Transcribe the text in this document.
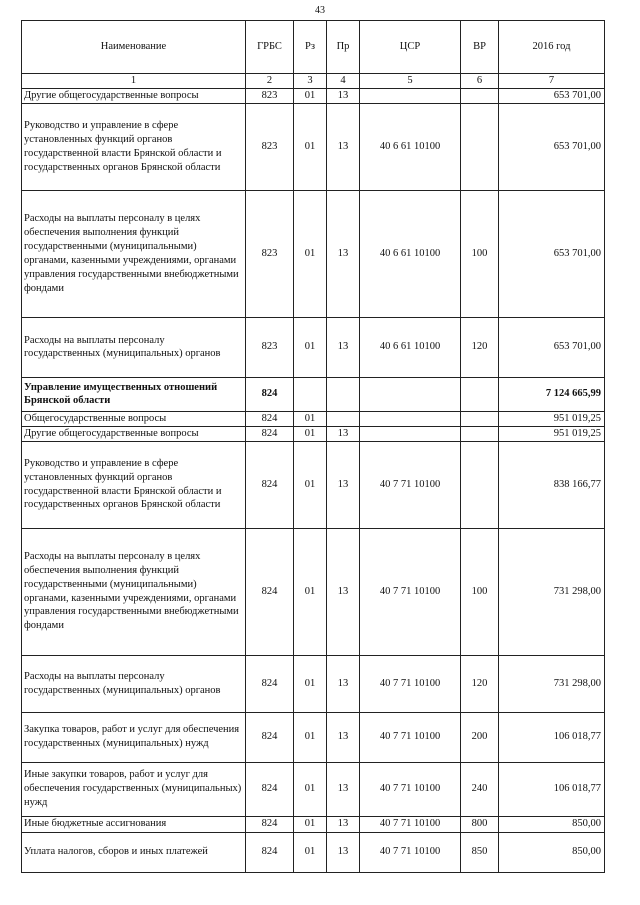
43
Наименование	ГРБС	Рз	Пр	ЦСР	ВР	2016 год
1	2	3	4	5	6	7
Другие общегосударственные вопросы	823	01	13			653 701,00
Руководство и управление в сфере установленных функций органов государственной власти Брянской области и государственных органов Брянской области	823	01	13	40 6 61 10100		653 701,00
Расходы на выплаты персоналу в целях обеспечения выполнения функций государственными (муниципальными) органами, казенными учреждениями, органами управления государственными внебюджетными фондами	823	01	13	40 6 61 10100	100	653 701,00
Расходы на выплаты персоналу государственных (муниципальных) органов	823	01	13	40 6 61 10100	120	653 701,00
Управление имущественных отношений Брянской области	824					7 124 665,99
Общегосударственные вопросы	824	01				951 019,25
Другие общегосударственные вопросы	824	01	13			951 019,25
Руководство и управление в сфере установленных функций органов государственной власти Брянской области и государственных органов Брянской области	824	01	13	40 7 71 10100		838 166,77
Расходы на выплаты персоналу в целях обеспечения выполнения функций государственными (муниципальными) органами, казенными учреждениями, органами управления государственными внебюджетными фондами	824	01	13	40 7 71 10100	100	731 298,00
Расходы на выплаты персоналу государственных (муниципальных) органов	824	01	13	40 7 71 10100	120	731 298,00
Закупка товаров, работ и услуг для обеспечения государственных (муниципальных) нужд	824	01	13	40 7 71 10100	200	106 018,77
Иные закупки товаров, работ и услуг для обеспечения государственных (муниципальных) нужд	824	01	13	40 7 71 10100	240	106 018,77
Иные бюджетные ассигнования	824	01	13	40 7 71 10100	800	850,00
Уплата налогов, сборов и иных платежей	824	01	13	40 7 71 10100	850	850,00
